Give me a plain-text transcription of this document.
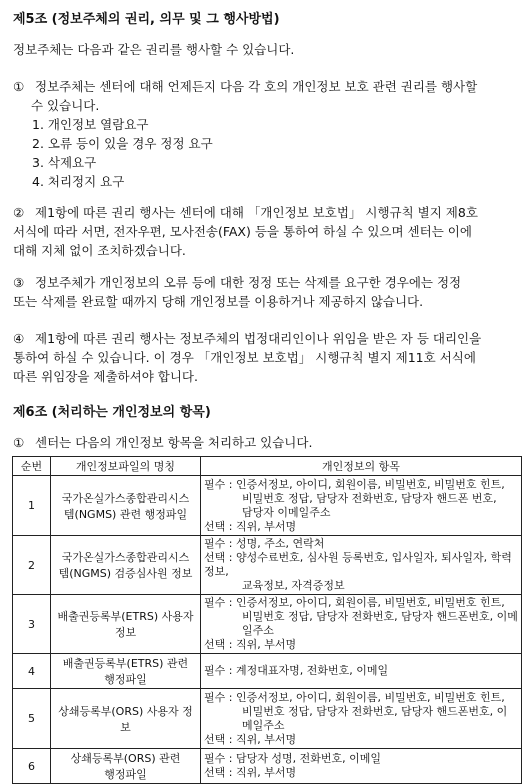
제5조 (정보주체의 권리, 의무 및 그 행사방법)
정보주체는 다음과 같은 권리를 행사할 수 있습니다.
① 정보주체는 센터에 대해 언제든지 다음 각 호의 개인정보 보호 관련 권리를 행사할
수 있습니다.
1. 개인정보 열람요구
2. 오류 등이 있을 경우 정정 요구
3. 삭제요구
4. 처리정지 요구
② 제1항에 따른 권리 행사는 센터에 대해 「개인정보 보호법」 시행규칙 별지 제8호
서식에 따라 서면, 전자우편, 모사전송(FAX) 등을 통하여 하실 수 있으며 센터는 이에
대해 지체 없이 조치하겠습니다.
③ 정보주체가 개인정보의 오류 등에 대한 정정 또는 삭제를 요구한 경우에는 정정
또는 삭제를 완료할 때까지 당해 개인정보를 이용하거나 제공하지 않습니다.
④ 제1항에 따른 권리 행사는 정보주체의 법정대리인이나 위임을 받은 자 등 대리인을
통하여 하실 수 있습니다. 이 경우 「개인정보 보호법」 시행규칙 별지 제11호 서식에
따른 위임장을 제출하셔야 합니다.
제6조 (처리하는 개인정보의 항목)
① 센터는 다음의 개인정보 항목을 처리하고 있습니다.
순번	개인정보파일의 명칭	개인정보의 항목
1	국가온실가스종합관리시스
템(NGMS) 관련 행정파일	필수 : 인증서정보, 아이디, 회원이름, 비밀번호, 비밀번호 힌트,
비밀번호 정답, 담당자 전화번호, 담당자 핸드폰 번호,
담당자 이메일주소
선택 : 직위, 부서명

2	국가온실가스종합관리시스
템(NGMS) 검증심사원 정보	필수 : 성명, 주소, 연락처
선택 : 양성수료번호, 심사원 등록번호, 입사일자, 퇴사일자, 학력정보,
교육정보, 자격증정보

3	배출권등록부(ETRS) 사용자 정보	필수 : 인증서정보, 아이디, 회원이름, 비밀번호, 비밀번호 힌트,
비밀번호 정답, 담당자 전화번호, 담당자 핸드폰번호, 이메일주소
선택 : 직위, 부서명

4	배출권등록부(ETRS) 관련
행정파일	필수 : 계정대표자명, 전화번호, 이메일

5	상쇄등록부(ORS) 사용자 정보	필수 : 인증서정보, 아이디, 회원이름, 비밀번호, 비밀번호 힌트,
비밀번호 정답, 담당자 전화번호, 담당자 핸드폰번호, 이
메일주소
선택 : 직위, 부서명

6	상쇄등록부(ORS) 관련
행정파일	필수 : 담당자 성명, 전화번호, 이메일
선택 : 직위, 부서명
